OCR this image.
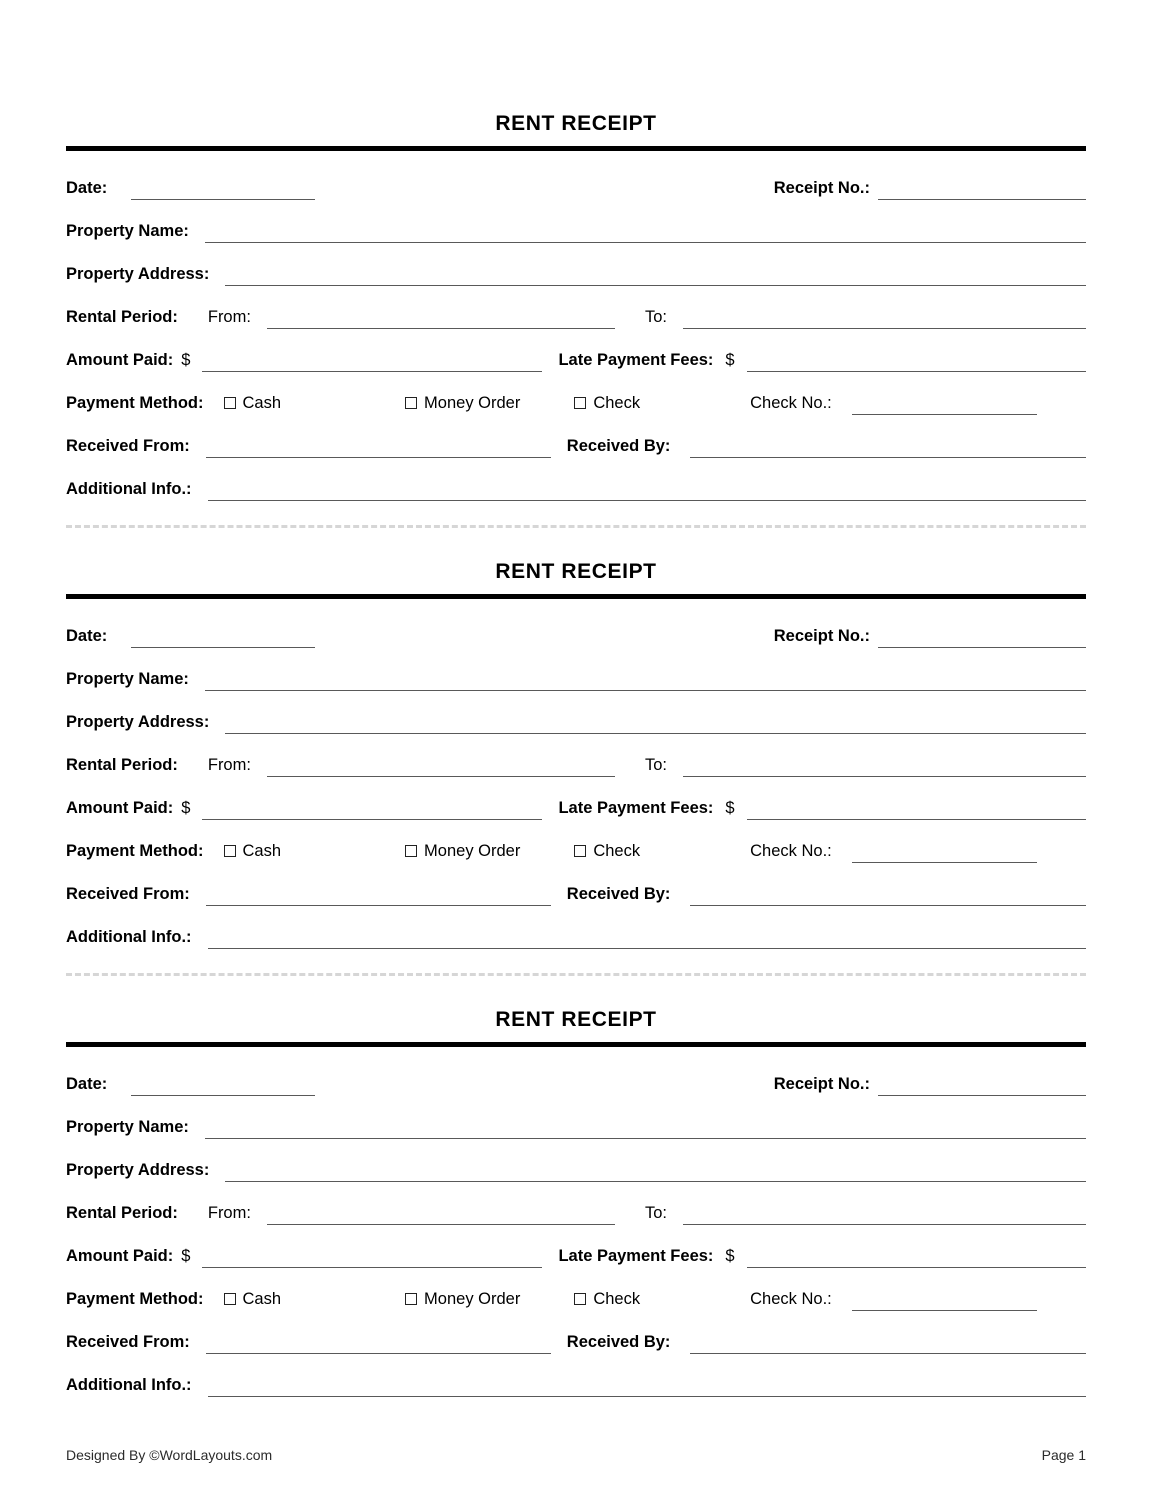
RENT RECEIPT
Date:	Receipt No.:
Property Name:
Property Address:
Rental Period: From:	To:
Amount Paid: $	Late Payment Fees: $
Payment Method: Cash	Money Order	Check	Check No.:
Received From:	Received By:
Additional Info.:
RENT RECEIPT
Date:	Receipt No.:
Property Name:
Property Address:
Rental Period: From:	To:
Amount Paid: $	Late Payment Fees: $
Payment Method: Cash	Money Order	Check	Check No.:
Received From:	Received By:
Additional Info.:
RENT RECEIPT
Date:	Receipt No.:
Property Name:
Property Address:
Rental Period: From:	To:
Amount Paid: $	Late Payment Fees: $
Payment Method: Cash	Money Order	Check	Check No.:
Received From:	Received By:
Additional Info.:
Designed By ©WordLayouts.com	Page 1
